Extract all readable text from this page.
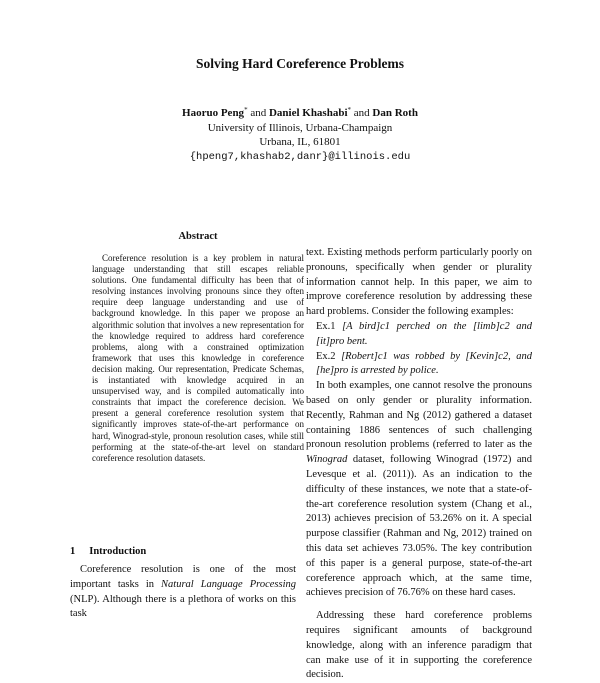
Solving Hard Coreference Problems
Haoruo Peng* and Daniel Khashabi* and Dan Roth
University of Illinois, Urbana-Champaign
Urbana, IL, 61801
{hpeng7,khashab2,danr}@illinois.edu
Abstract
Coreference resolution is a key problem in natural language understanding that still escapes reliable solutions. One fundamental difficulty has been that of resolving instances involving pronouns since they often require deep language understanding and use of background knowledge. In this paper we propose an algorithmic solution that involves a new representation for the knowledge required to address hard coreference problems, along with a constrained optimization framework that uses this knowledge in coreference decision making. Our representation, Predicate Schemas, is instantiated with knowledge acquired in an unsupervised way, and is compiled automatically into constraints that impact the coreference decision. We present a general coreference resolution system that significantly improves state-of-the-art performance on hard, Winograd-style, pronoun resolution cases, while still performing at the state-of-the-art level on standard coreference resolution datasets.
1 Introduction
Coreference resolution is one of the most important tasks in Natural Language Processing (NLP). Although there is a plethora of works on this task

text. Existing methods perform particularly poorly on pronouns, specifically when gender or plurality information cannot help. In this paper, we aim to improve coreference resolution by addressing these hard problems. Consider the following examples:

Ex.1 [A bird]c1 perched on the [limb]c2 and [it]pro bent.

Ex.2 [Robert]c1 was robbed by [Kevin]c2, and [he]pro is arrested by police.

In both examples, one cannot resolve the pronouns based on only gender or plurality information. Recently, Rahman and Ng (2012) gathered a dataset containing 1886 sentences of such challenging pronoun resolution problems (referred to later as the Winograd dataset, following Winograd (1972) and Levesque et al. (2011)). As an indication to the difficulty of these instances, we note that a state-of-the-art coreference resolution system (Chang et al., 2013) achieves precision of 53.26% on it. A special purpose classifier (Rahman and Ng, 2012) trained on this data set achieves 73.05%. The key contribution of this paper is a general purpose, state-of-the-art coreference approach which, at the same time, achieves precision of 76.76% on these hard cases.

Addressing these hard coreference problems requires significant amounts of background knowledge, along with an inference paradigm that can make use of it in supporting the coreference decision.
